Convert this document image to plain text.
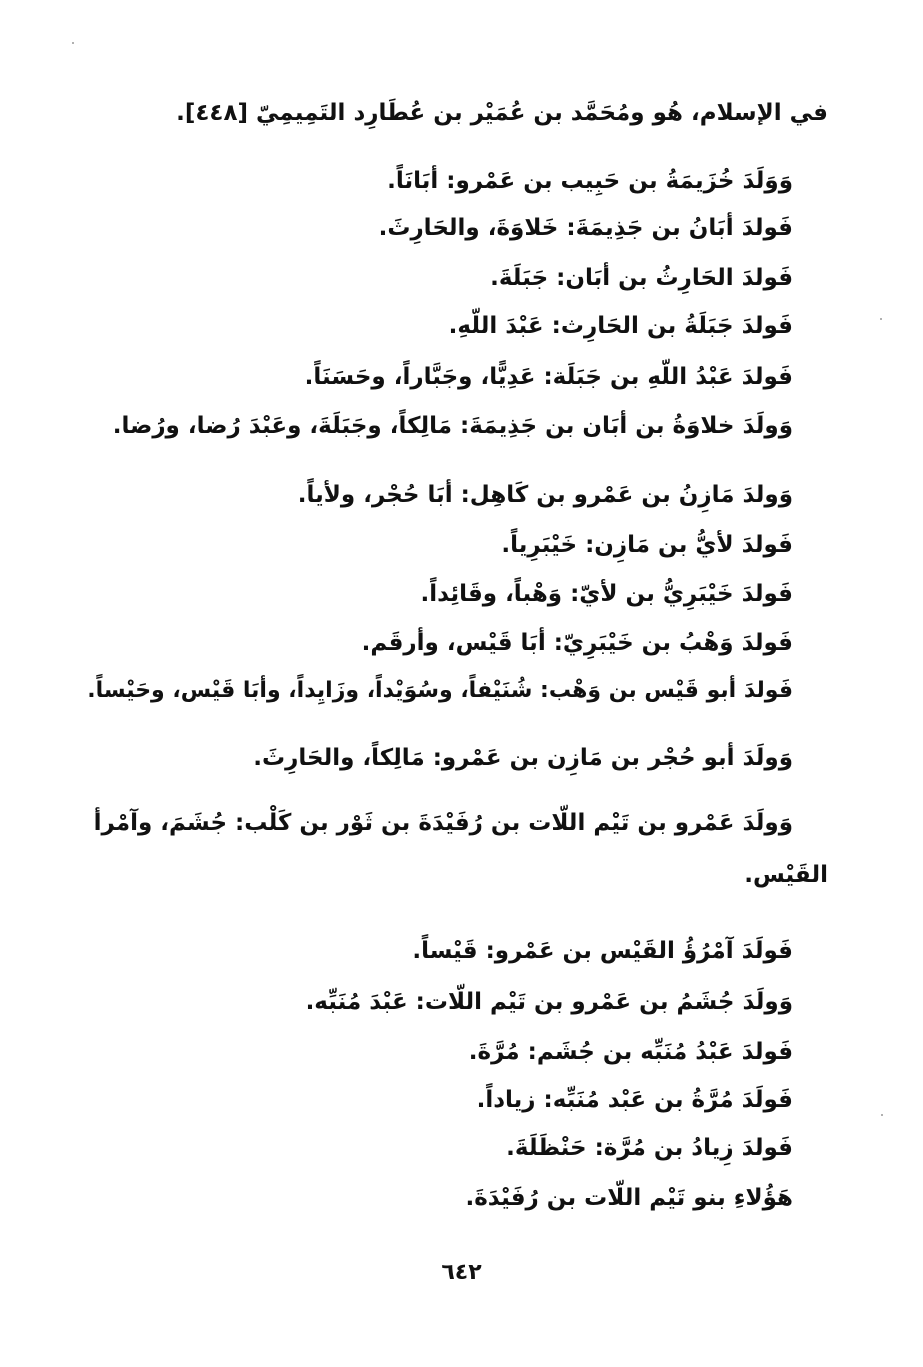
في الإسلام، هُو ومُحَمَّد بن عُمَيْر بن عُطَارِد التَمِيمِيّ [٤٤٨].
وَوَلَدَ خُزَيمَةُ بن حَبِيب بن عَمْرو: أبَانَاً.
فَولدَ أبَانُ بن جَذِيمَةَ: خَلاوَةَ، والحَارِثَ.
فَولدَ الحَارِثُ بن أبَان: جَبَلَةَ.
فَولدَ جَبَلَةُ بن الحَارِث: عَبْدَ اللّهِ.
فَولدَ عَبْدُ اللّهِ بن جَبَلَة: عَدِيًّا، وجَبَّاراً، وحَسَنَاً.
وَولَدَ خلاوَةُ بن أبَان بن جَذِيمَةَ: مَالِكاً، وجَبَلَةَ، وعَبْدَ رُضا، ورُضا.
وَولدَ مَازِنُ بن عَمْرو بن كَاهِل: أبَا حُجْر، ولأياً.
فَولدَ لأيُّ بن مَازِن: خَيْبَرِياً.
فَولدَ خَيْبَرِيُّ بن لأيّ: وَهْباً، وقَائِداً.
فَولدَ وَهْبُ بن خَيْبَرِيّ: أبَا قَيْس، وأرقَم.
فَولدَ أبو قَيْس بن وَهْب: شُنَيْفاً، وسُوَيْداً، وزَايِداً، وأبَا قَيْس، وحَيْساً.
وَولَدَ أبو حُجْر بن مَازِن بن عَمْرو: مَالِكاً، والحَارِثَ.
وَولَدَ عَمْرو بن تَيْم اللّات بن رُفَيْدَةَ بن ثَوْر بن كَلْب: جُشَمَ، وآمْرأ
القَيْس.
فَولَدَ آمْرُؤُ القَيْس بن عَمْرو: قَيْساً.
وَولَدَ جُشَمُ بن عَمْرو بن تَيْم اللّات: عَبْدَ مُنَبِّه.
فَولدَ عَبْدُ مُنَبِّه بن جُشَم: مُرَّةَ.
فَولَدَ مُرَّةُ بن عَبْد مُنَبِّه: زياداً.
فَولدَ زِيادُ بن مُرَّة: حَنْظَلَةَ.
هَؤُلاءِ بنو تَيْم اللّات بن رُفَيْدَةَ.
٦٤٢
